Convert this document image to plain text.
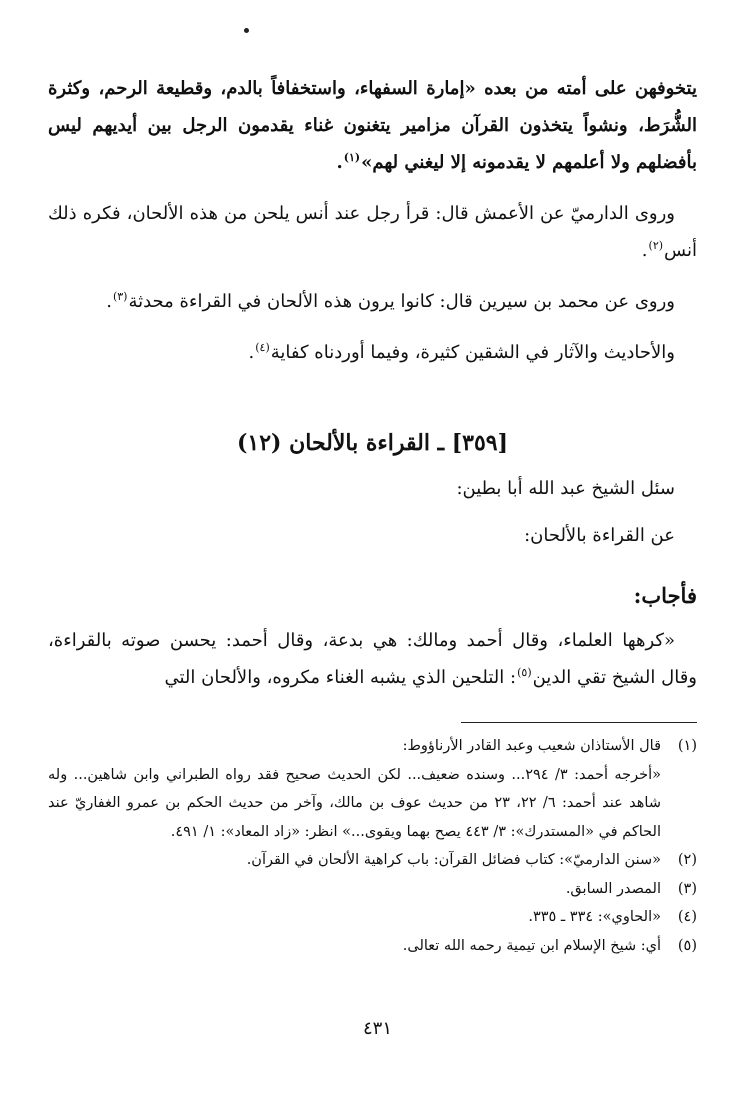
يتخوفهن على أمته من بعده «إمارة السفهاء، واستخفافاً بالدم، وقطيعة الرحم، وكثرة الشُّرَط، ونشواً يتخذون القرآن مزامير يتغنون غناء يقدمون الرجل بين أيديهم ليس بأفضلهم ولا أعلمهم لا يقدمونه إلا ليغني لهم»$^{(١)}$.

وروى الدارميّ عن الأعمش قال: قرأ رجل عند أنس يلحن من هذه الألحان، فكره ذلك أنس$^{(٢)}$.

وروى عن محمد بن سيرين قال: كانوا يرون هذه الألحان في القراءة محدثة$^{(٣)}$.

والأحاديث والآثار في الشقين كثيرة، وفيما أوردناه كفاية$^{(٤)}$.

[٣٥٩] ـ القراءة بالألحان (١٢)

سئل الشيخ عبد الله أبا بطين:

عن القراءة بالألحان:

فأجاب:

«كرهها العلماء، وقال أحمد ومالك: هي بدعة، وقال أحمد: يحسن صوته بالقراءة، وقال الشيخ تقي الدين$^{(٥)}$: التلحين الذي يشبه الغناء مكروه، والألحان التي

(١)
قال الأستاذان شعيب وعبد القادر الأرناؤوط:
«أخرجه أحمد: ٣/ ٢٩٤... وسنده ضعيف... لكن الحديث صحيح فقد رواه الطبراني وابن شاهين... وله شاهد عند أحمد: ٦/ ٢٢، ٢٣ من حديث عوف بن مالك، وآخر من حديث الحكم بن عمرو الغفاريّ عند الحاكم في «المستدرك»: ٣/ ٤٤٣ يصح بهما ويقوى...» انظر: «زاد المعاد»: ١/ ٤٩١.
(٢)
«سنن الدارميّ»: كتاب فضائل القرآن: باب كراهية الألحان في القرآن.
(٣)
المصدر السابق.
(٤)
«الحاوي»: ٣٣٤ ـ ٣٣٥.
(٥)
أي: شيخ الإسلام ابن تيمية رحمه الله تعالى.
٤٣١
